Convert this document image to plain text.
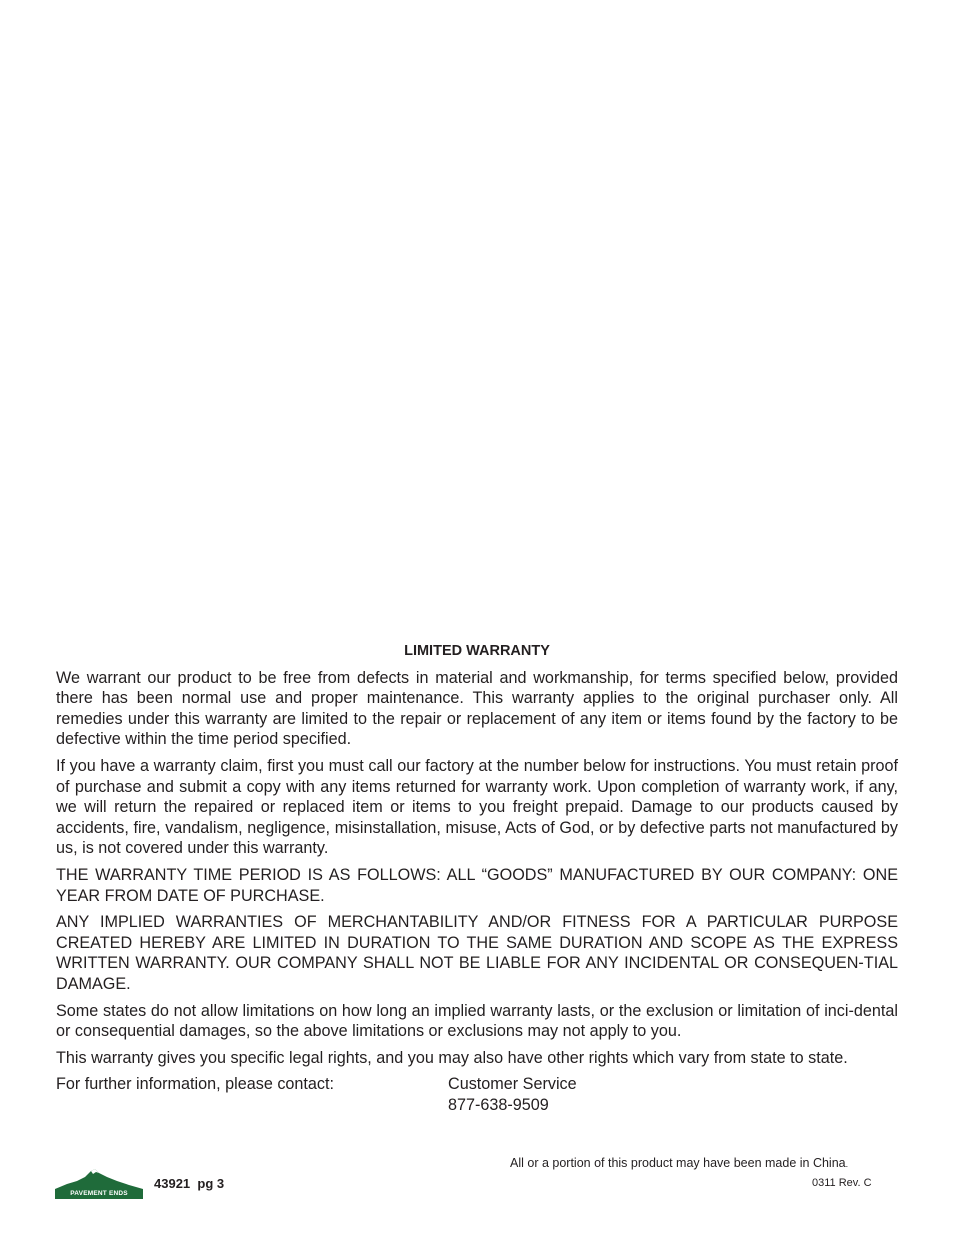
LIMITED WARRANTY

We warrant our product to be free from defects in material and workmanship, for terms specified below, provided there has been normal use and proper maintenance. This warranty applies to the original purchaser only. All remedies under this warranty are limited to the repair or replacement of any item or items found by the factory to be defective within the time period specified.

If you have a warranty claim, first you must call our factory at the number below for instructions. You must retain proof of purchase and submit a copy with any items returned for warranty work. Upon completion of warranty work, if any, we will return the repaired or replaced item or items to you freight prepaid. Damage to our products caused by accidents, fire, vandalism, negligence, misinstallation, misuse, Acts of God, or by defective parts not manufactured by us, is not covered under this warranty.

THE WARRANTY TIME PERIOD IS AS FOLLOWS: ALL “GOODS” MANUFACTURED BY OUR COMPANY: ONE YEAR FROM DATE OF PURCHASE.

ANY IMPLIED WARRANTIES OF MERCHANTABILITY AND/OR FITNESS FOR A PARTICULAR PURPOSE CREATED HEREBY ARE LIMITED IN DURATION TO THE SAME DURATION AND SCOPE AS THE EXPRESS WRITTEN WARRANTY. OUR COMPANY SHALL NOT BE LIABLE FOR ANY INCIDENTAL OR CONSEQUEN-TIAL DAMAGE.

Some states do not allow limitations on how long an implied warranty lasts, or the exclusion or limitation of inci-dental or consequential damages, so the above limitations or exclusions may not apply to you.

This warranty gives you specific legal rights, and you may also have other rights which vary from state to state.

For further information, please contact:	Customer Service
877-638-9509
All or a portion of this product may have been made in China.
0311 Rev. C
PAVEMENT ENDS
43921  pg 3
